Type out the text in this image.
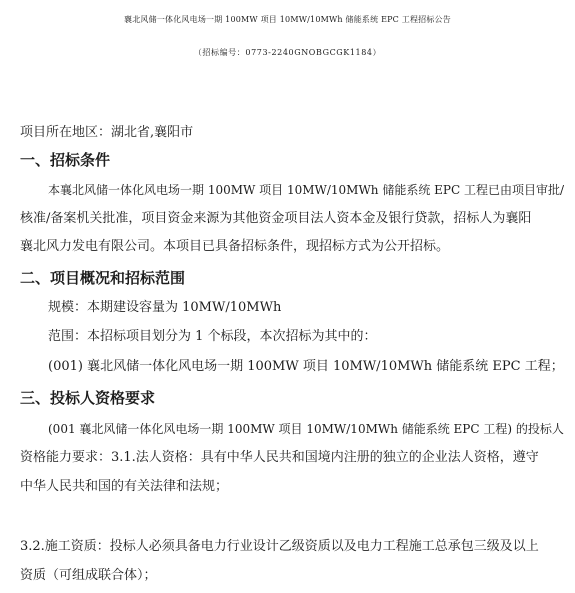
襄北风储一体化风电场一期 100MW 项目 10MW/10MWh 储能系统 EPC 工程招标公告
（招标编号：0773-2240GNOBGCGK1184）
项目所在地区：湖北省,襄阳市
一、招标条件
本襄北风储一体化风电场一期 100MW 项目 10MW/10MWh 储能系统 EPC 工程已由项目审批/
核准/备案机关批准，项目资金来源为其他资金项目法人资本金及银行贷款，招标人为襄阳
襄北风力发电有限公司。本项目已具备招标条件，现招标方式为公开招标。
二、项目概况和招标范围
规模：本期建设容量为 10MW/10MWh
范围：本招标项目划分为 1 个标段，本次招标为其中的：
(001) 襄北风储一体化风电场一期 100MW 项目 10MW/10MWh 储能系统 EPC 工程；
三、投标人资格要求
(001 襄北风储一体化风电场一期 100MW 项目 10MW/10MWh 储能系统 EPC 工程) 的投标人
资格能力要求：3.1.法人资格：具有中华人民共和国境内注册的独立的企业法人资格，遵守
中华人民共和国的有关法律和法规；
3.2.施工资质：投标人必须具备电力行业设计乙级资质以及电力工程施工总承包三级及以上
资质（可组成联合体）；
